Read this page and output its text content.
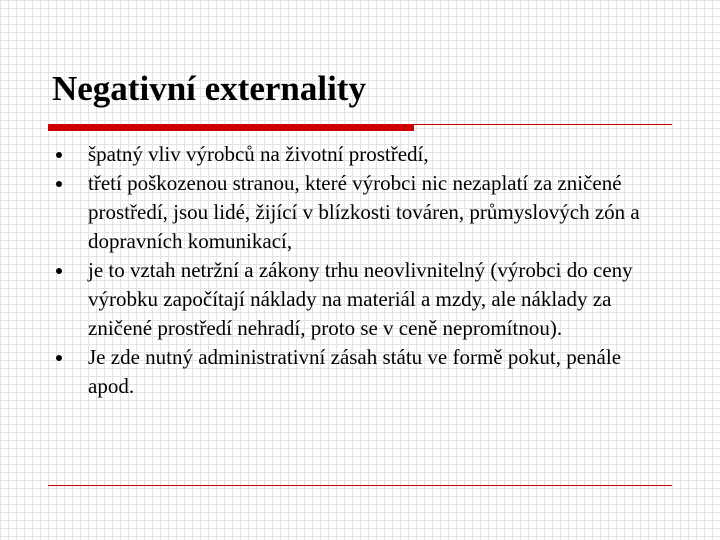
Negativní externality
špatný vliv výrobců na životní prostředí,
třetí poškozenou stranou, které výrobci nic nezaplatí za zničené prostředí, jsou lidé, žijící v blízkosti továren, průmyslových zón a dopravních komunikací,
je to vztah netržní a zákony trhu neovlivnitelný (výrobci do ceny výrobku započítají náklady na materiál a mzdy, ale náklady za zničené prostředí nehradí, proto se v ceně nepromítnou).
Je zde nutný administrativní zásah státu ve formě pokut, penále apod.
